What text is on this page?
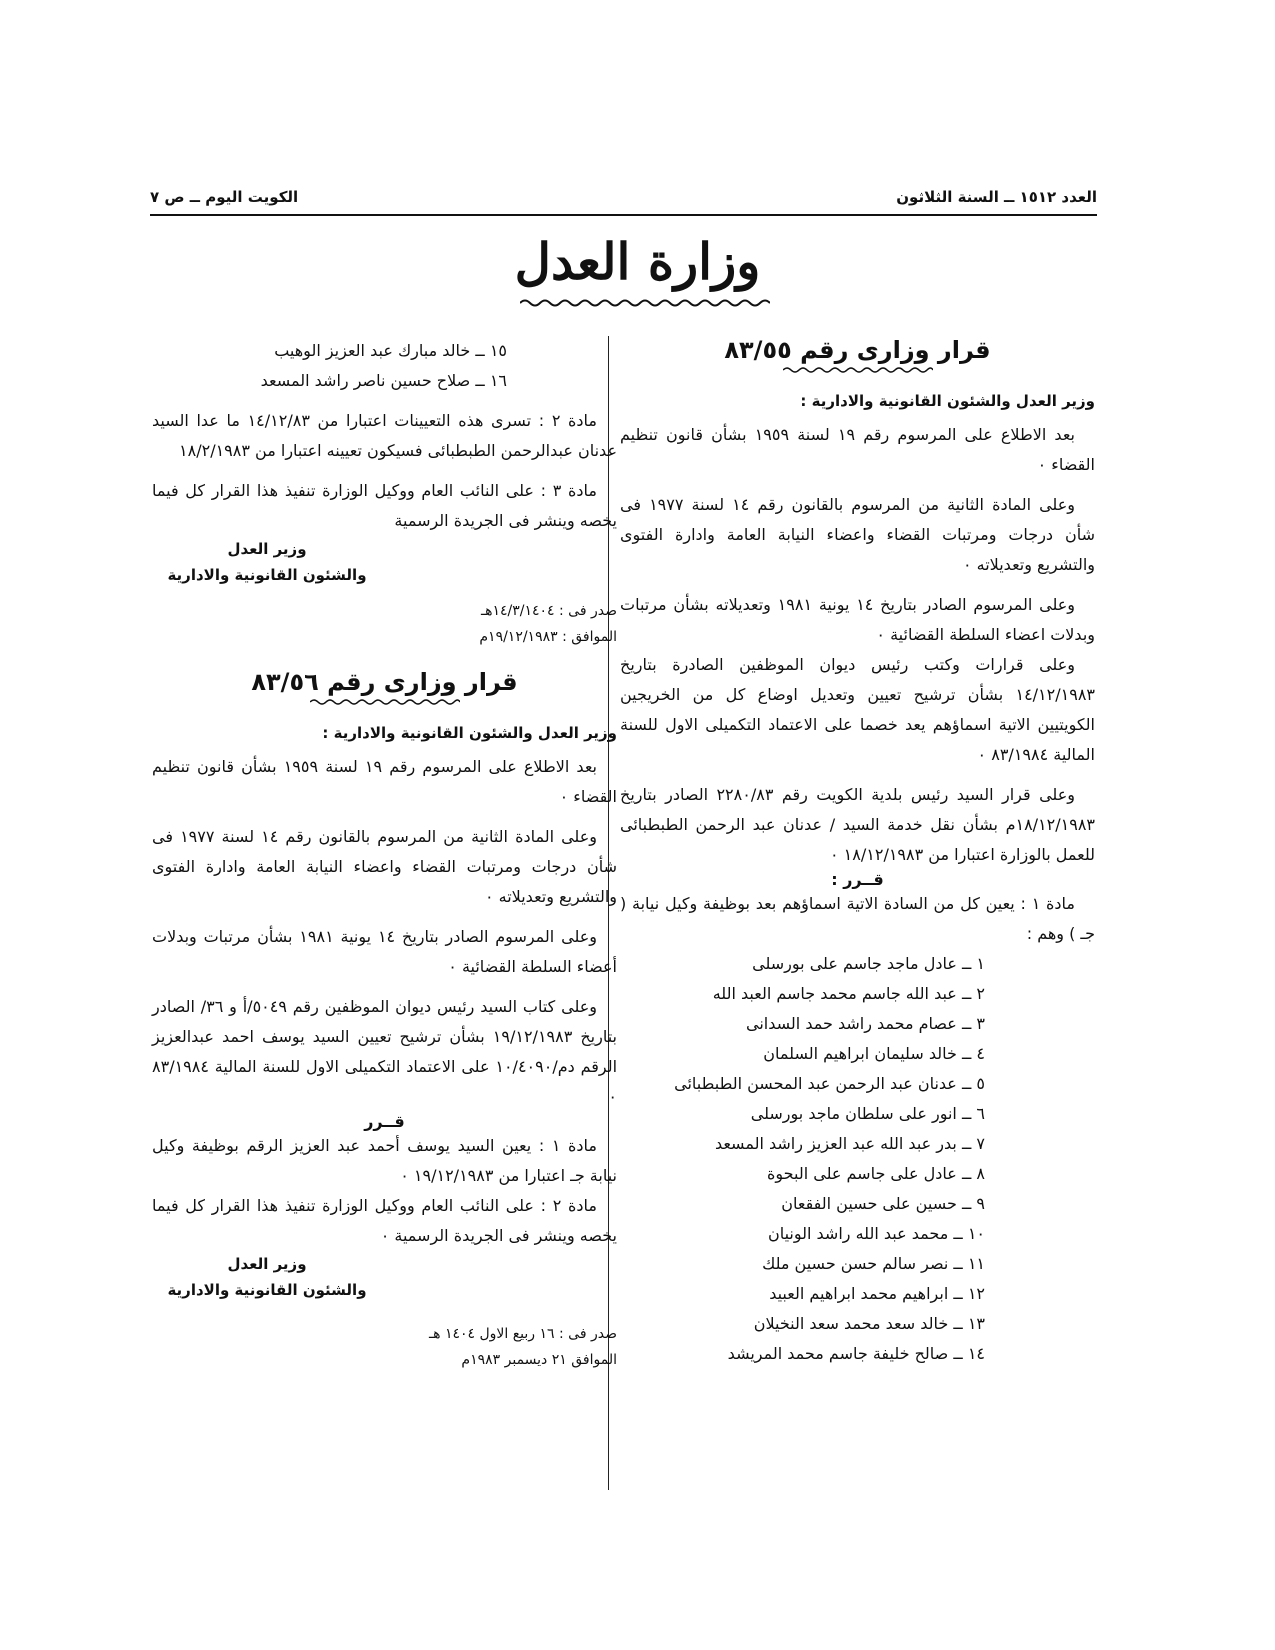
العدد ١٥١٢ ــ السنة الثلاثون
الكويت اليوم ــ ص ٧
وزارة العدل

قرار وزارى رقم ٨٣/٥٥

وزير العدل والشئون القانونية والادارية :

بعد الاطلاع على المرسوم رقم ١٩ لسنة ١٩٥٩ بشأن قانون تنظيم القضاء ٠

وعلى المادة الثانية من المرسوم بالقانون رقم ١٤ لسنة ١٩٧٧ فى شأن درجات ومرتبات القضاء واعضاء النيابة العامة وادارة الفتوى والتشريع وتعديلاته ٠

وعلى المرسوم الصادر بتاريخ ١٤ يونية ١٩٨١ وتعديلاته بشأن مرتبات وبدلات اعضاء السلطة القضائية ٠

وعلى قرارات وكتب رئيس ديوان الموظفين الصادرة بتاريخ ١٤/١٢/١٩٨٣ بشأن ترشيح تعيين وتعديل اوضاع كل من الخريجين الكويتيين الاتية اسماؤهم يعد خصما على الاعتماد التكميلى الاول للسنة المالية ٨٣/١٩٨٤ ٠

وعلى قرار السيد رئيس بلدية الكويت رقم ٢٢٨٠/٨٣ الصادر بتاريخ ١٨/١٢/١٩٨٣م بشأن نقل خدمة السيد / عدنان عبد الرحمن الطبطبائى للعمل بالوزارة اعتبارا من ١٨/١٢/١٩٨٣ ٠

قــرر :

مادة ١ : يعين كل من السادة الاتية اسماؤهم بعد بوظيفة وكيل نيابة ( جـ ) وهم :

١ ــ عادل ماجد جاسم على بورسلى

٢ ــ عبد الله جاسم محمد جاسم العبد الله

٣ ــ عصام محمد راشد حمد السدانى

٤ ــ خالد سليمان ابراهيم السلمان

٥ ــ عدنان عبد الرحمن عبد المحسن الطبطبائى

٦ ــ انور على سلطان ماجد بورسلى

٧ ــ بدر عبد الله عبد العزيز راشد المسعد

٨ ــ عادل على جاسم على البحوة

٩ ــ حسين على حسين الفقعان

١٠ ــ محمد عبد الله راشد الونيان

١١ ــ نصر سالم حسن حسين ملك

١٢ ــ ابراهيم محمد ابراهيم العبيد

١٣ ــ خالد سعد محمد سعد النخيلان

١٤ ــ صالح خليفة جاسم محمد المريشد

١٥ ــ خالد مبارك عبد العزيز الوهيب

١٦ ــ صلاح حسين ناصر راشد المسعد

مادة ٢ : تسرى هذه التعيينات اعتبارا من ١٤/١٢/٨٣ ما عدا السيد عدنان عبدالرحمن الطبطبائى فسيكون تعيينه اعتبارا من ١٨/٢/١٩٨٣

مادة ٣ : على النائب العام ووكيل الوزارة تنفيذ هذا القرار كل فيما يخصه وينشر فى الجريدة الرسمية

وزير العدل

والشئون القانونية والادارية

صدر فى : ١٤/٣/١٤٠٤هـ

الموافق : ١٩/١٢/١٩٨٣م

قرار وزارى رقم ٨٣/٥٦

وزير العدل والشئون القانونية والادارية :

بعد الاطلاع على المرسوم رقم ١٩ لسنة ١٩٥٩ بشأن قانون تنظيم القضاء ٠

وعلى المادة الثانية من المرسوم بالقانون رقم ١٤ لسنة ١٩٧٧ فى شأن درجات ومرتبات القضاء واعضاء النيابة العامة وادارة الفتوى والتشريع وتعديلاته ٠

وعلى المرسوم الصادر بتاريخ ١٤ يونية ١٩٨١ بشأن مرتبات وبدلات أعضاء السلطة القضائية ٠

وعلى كتاب السيد رئيس ديوان الموظفين رقم ٥٠٤٩/أ و ٣٦/ الصادر بتاريخ ١٩/١٢/١٩٨٣ بشأن ترشيح تعيين السيد يوسف احمد عبدالعزيز الرقم دم/١٠/٤٠٩٠ على الاعتماد التكميلى الاول للسنة المالية ٨٣/١٩٨٤ ٠

قــرر

مادة ١ : يعين السيد يوسف أحمد عبد العزيز الرقم بوظيفة وكيل نيابة جـ اعتبارا من ١٩/١٢/١٩٨٣ ٠

مادة ٢ : على النائب العام ووكيل الوزارة تنفيذ هذا القرار كل فيما يخصه وينشر فى الجريدة الرسمية ٠

وزير العدل

والشئون القانونية والادارية

صدر فى : ١٦ ربيع الاول ١٤٠٤ هـ

الموافق ٢١ ديسمبر ١٩٨٣م
